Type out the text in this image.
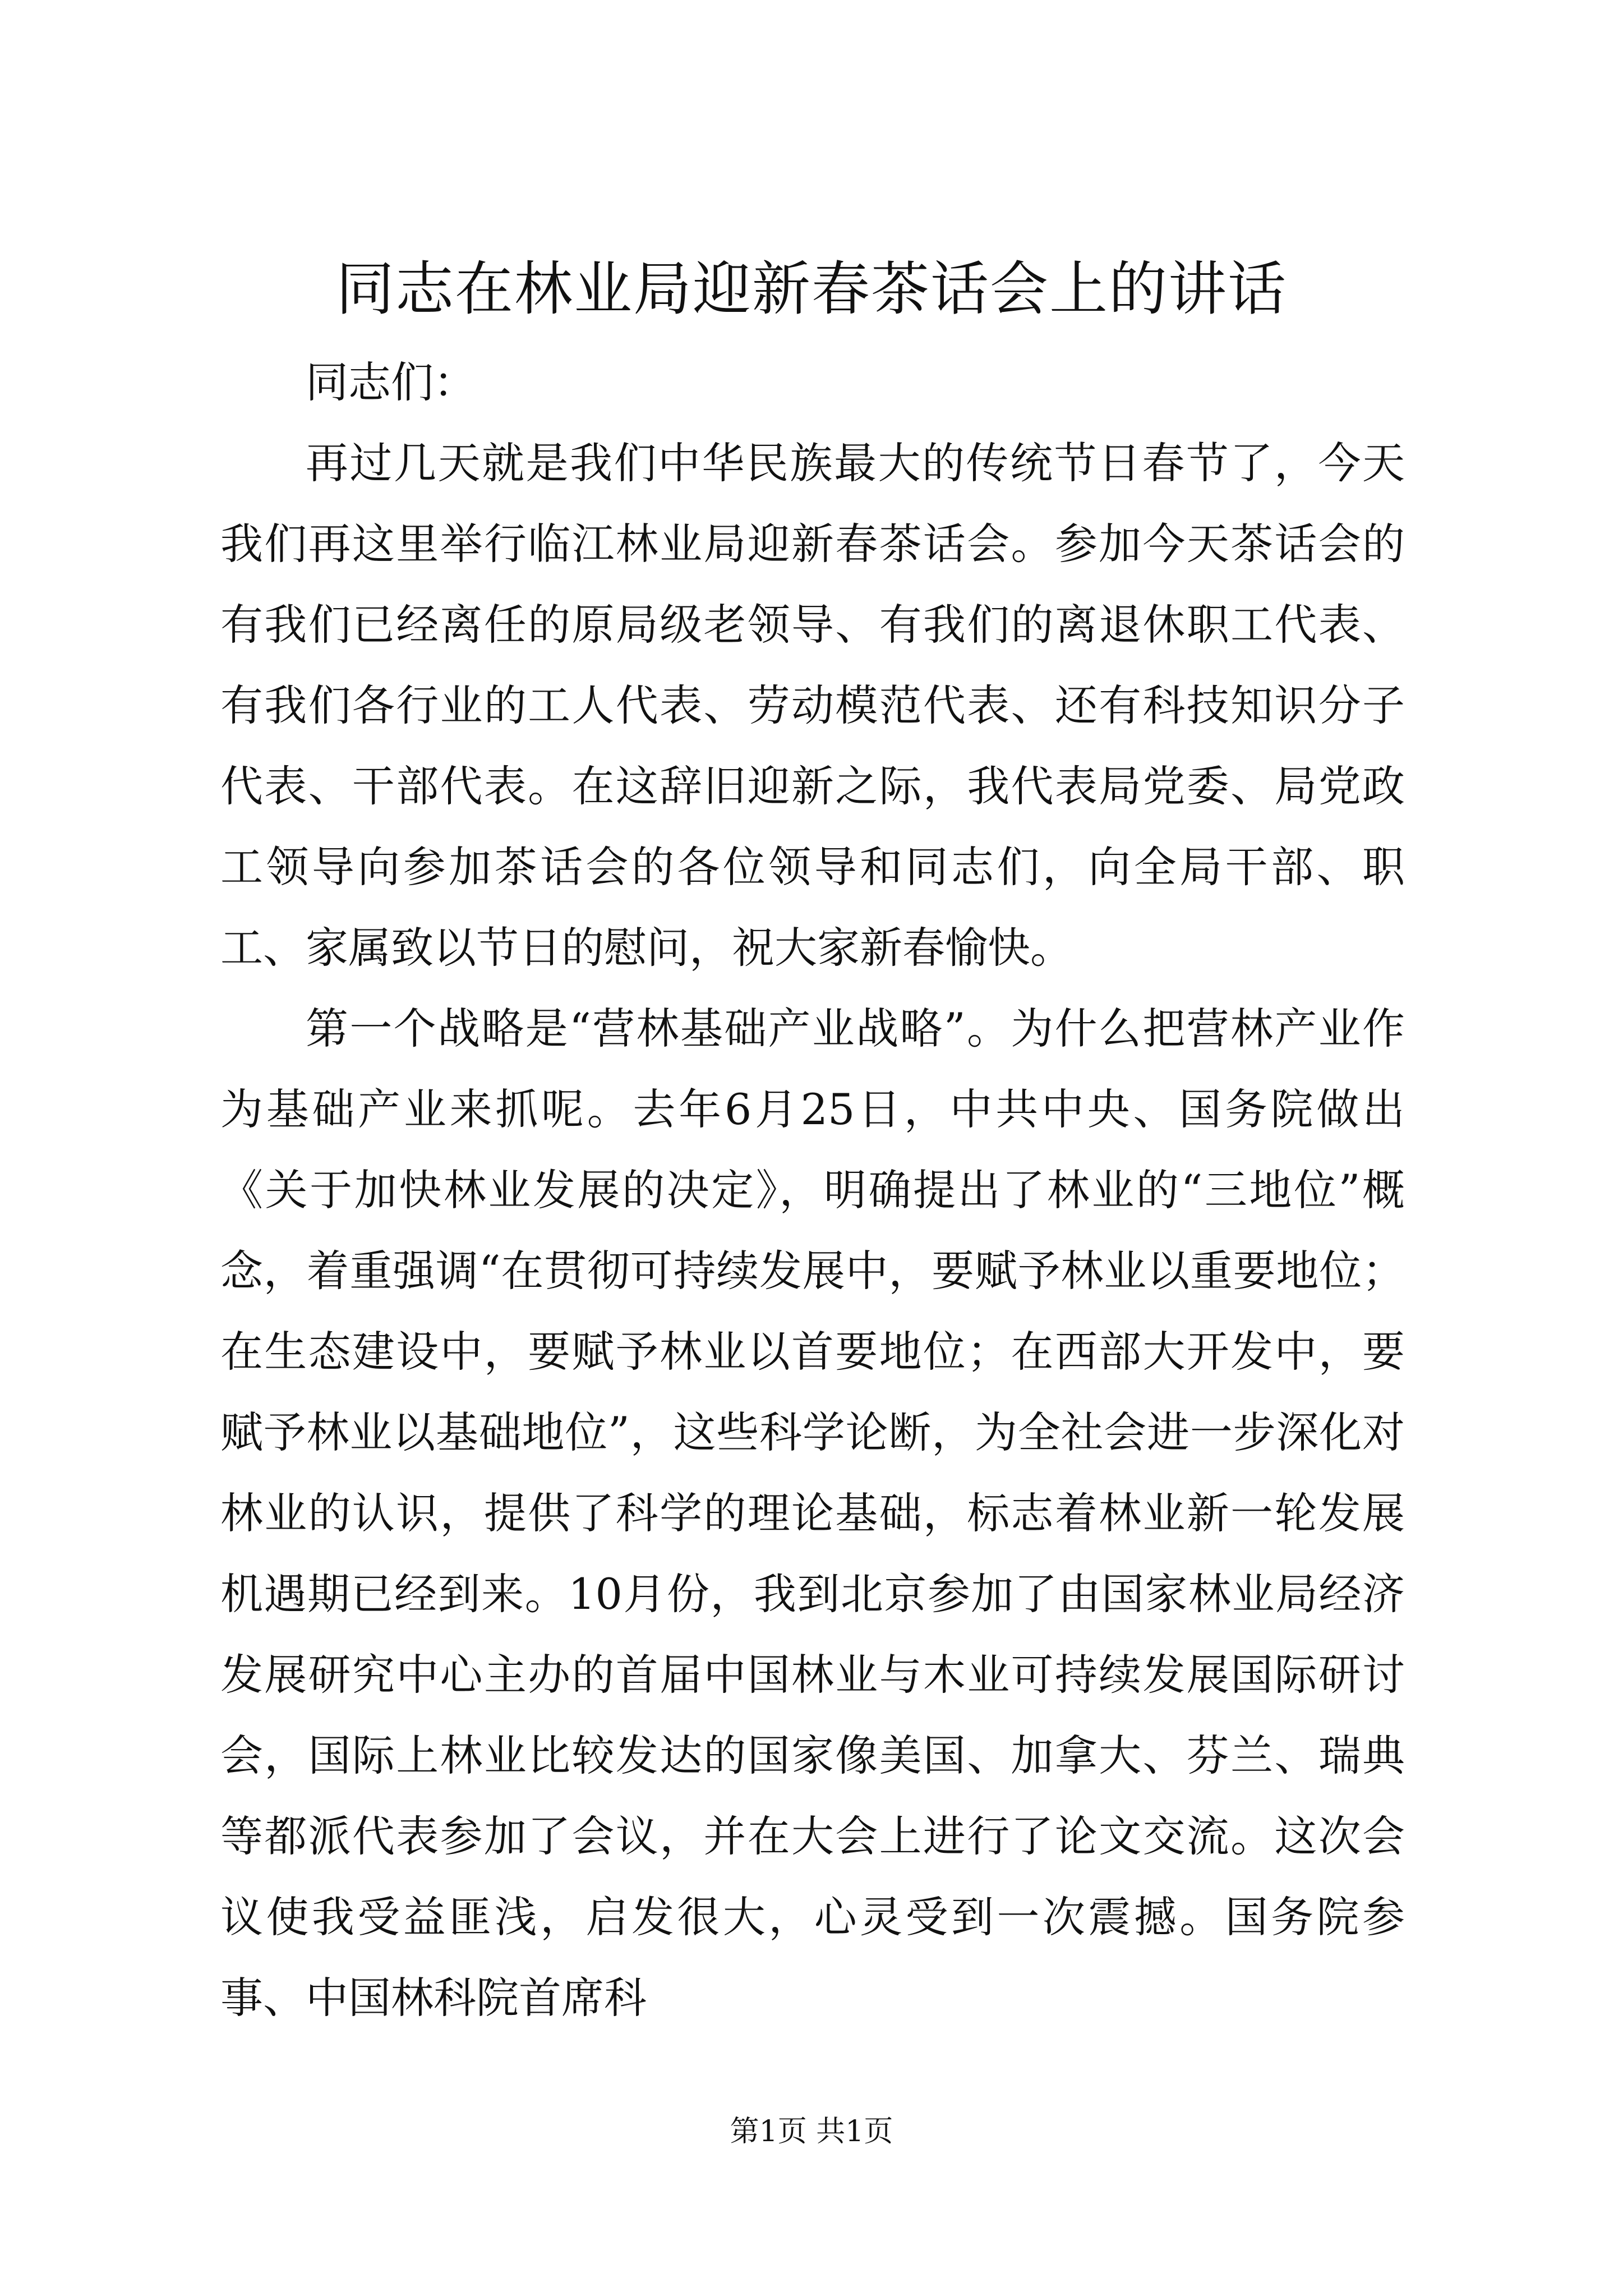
同志在林业局迎新春茶话会上的讲话

同志们：

再过几天就是我们中华民族最大的传统节日春节了，今天我们再这里举行临江林业局迎新春茶话会。参加今天茶话会的有我们已经离任的原局级老领导、有我们的离退休职工代表、有我们各行业的工人代表、劳动模范代表、还有科技知识分子代表、干部代表。在这辞旧迎新之际，我代表局党委、局党政工领导向参加茶话会的各位领导和同志们，向全局干部、职工、家属致以节日的慰问，祝大家新春愉快。

第一个战略是“营林基础产业战略”。为什么把营林产业作为基础产业来抓呢。去年6月25日，中共中央、国务院做出《关于加快林业发展的决定》，明确提出了林业的“三地位”概念，着重强调“在贯彻可持续发展中，要赋予林业以重要地位；在生态建设中，要赋予林业以首要地位；在西部大开发中，要赋予林业以基础地位”，这些科学论断，为全社会进一步深化对林业的认识，提供了科学的理论基础，标志着林业新一轮发展机遇期已经到来。10月份，我到北京参加了由国家林业局经济发展研究中心主办的首届中国林业与木业可持续发展国际研讨会，国际上林业比较发达的国家像美国、加拿大、芬兰、瑞典等都派代表参加了会议，并在大会上进行了论文交流。这次会议使我受益匪浅，启发很大，心灵受到一次震撼。国务院参事、中国林科院首席科

第1页 共1页
